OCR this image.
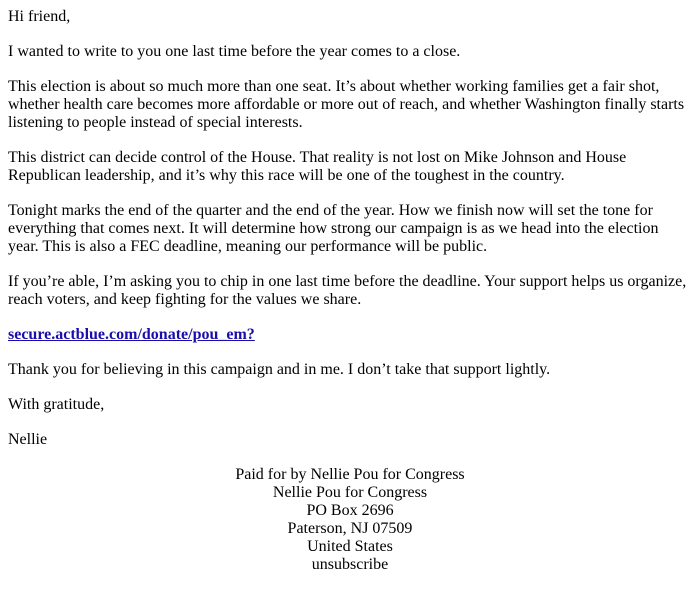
Hi friend,

I wanted to write to you one last time before the year comes to a close.

This election is about so much more than one seat. It’s about whether working families get a fair shot, whether health care becomes more affordable or more out of reach, and whether Washington finally starts listening to people instead of special interests.

This district can decide control of the House. That reality is not lost on Mike Johnson and House Republican leadership, and it’s why this race will be one of the toughest in the country.

Tonight marks the end of the quarter and the end of the year. How we finish now will set the tone for everything that comes next. It will determine how strong our campaign is as we head into the election year. This is also a FEC deadline, meaning our performance will be public.

If you’re able, I’m asking you to chip in one last time before the deadline. Your support helps us organize, reach voters, and keep fighting for the values we share.

secure.actblue.com/donate/pou_em?

Thank you for believing in this campaign and in me. I don’t take that support lightly.

With gratitude,

Nellie

Paid for by Nellie Pou for Congress
Nellie Pou for Congress
PO Box 2696
Paterson, NJ 07509
United States
unsubscribe
